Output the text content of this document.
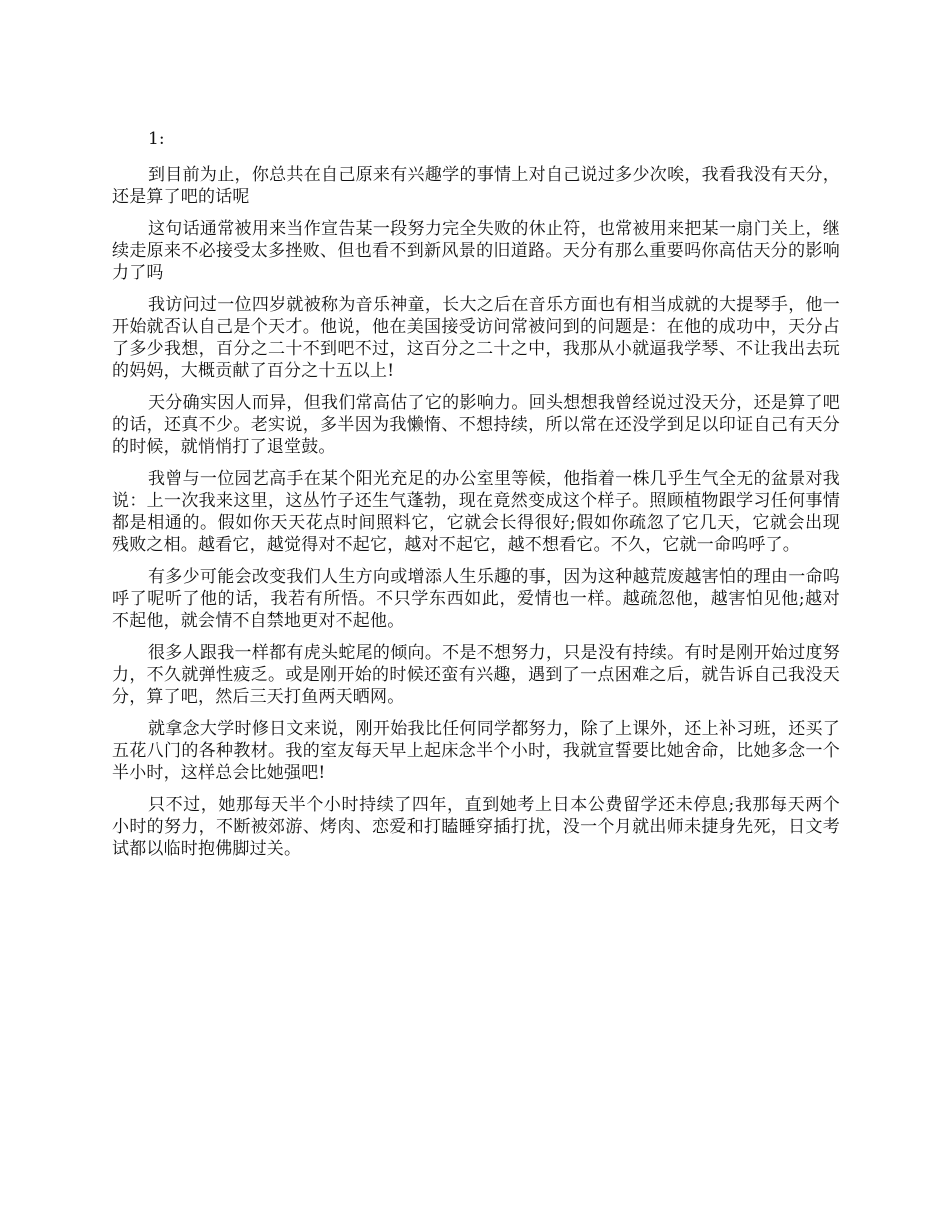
1:

到目前为止，你总共在自己原来有兴趣学的事情上对自己说过多少次唉，我看我没有天分，还是算了吧的话呢

这句话通常被用来当作宣告某一段努力完全失败的休止符，也常被用来把某一扇门关上，继续走原来不必接受太多挫败、但也看不到新风景的旧道路。天分有那么重要吗你高估天分的影响力了吗

我访问过一位四岁就被称为音乐神童，长大之后在音乐方面也有相当成就的大提琴手，他一开始就否认自己是个天才。他说，他在美国接受访问常被问到的问题是：在他的成功中，天分占了多少我想，百分之二十不到吧不过，这百分之二十之中，我那从小就逼我学琴、不让我出去玩的妈妈，大概贡献了百分之十五以上!

天分确实因人而异，但我们常高估了它的影响力。回头想想我曾经说过没天分，还是算了吧的话，还真不少。老实说，多半因为我懒惰、不想持续，所以常在还没学到足以印证自己有天分的时候，就悄悄打了退堂鼓。

我曾与一位园艺高手在某个阳光充足的办公室里等候，他指着一株几乎生气全无的盆景对我说：上一次我来这里，这丛竹子还生气蓬勃，现在竟然变成这个样子。照顾植物跟学习任何事情都是相通的。假如你天天花点时间照料它，它就会长得很好;假如你疏忽了它几天，它就会出现残败之相。越看它，越觉得对不起它，越对不起它，越不想看它。不久，它就一命呜呼了。

有多少可能会改变我们人生方向或增添人生乐趣的事，因为这种越荒废越害怕的理由一命呜呼了呢听了他的话，我若有所悟。不只学东西如此，爱情也一样。越疏忽他，越害怕见他;越对不起他，就会情不自禁地更对不起他。

很多人跟我一样都有虎头蛇尾的倾向。不是不想努力，只是没有持续。有时是刚开始过度努力，不久就弹性疲乏。或是刚开始的时候还蛮有兴趣，遇到了一点困难之后，就告诉自己我没天分，算了吧，然后三天打鱼两天晒网。

就拿念大学时修日文来说，刚开始我比任何同学都努力，除了上课外，还上补习班，还买了五花八门的各种教材。我的室友每天早上起床念半个小时，我就宣誓要比她舍命，比她多念一个半小时，这样总会比她强吧!

只不过，她那每天半个小时持续了四年，直到她考上日本公费留学还未停息;我那每天两个小时的努力，不断被郊游、烤肉、恋爱和打瞌睡穿插打扰，没一个月就出师未捷身先死，日文考试都以临时抱佛脚过关。
